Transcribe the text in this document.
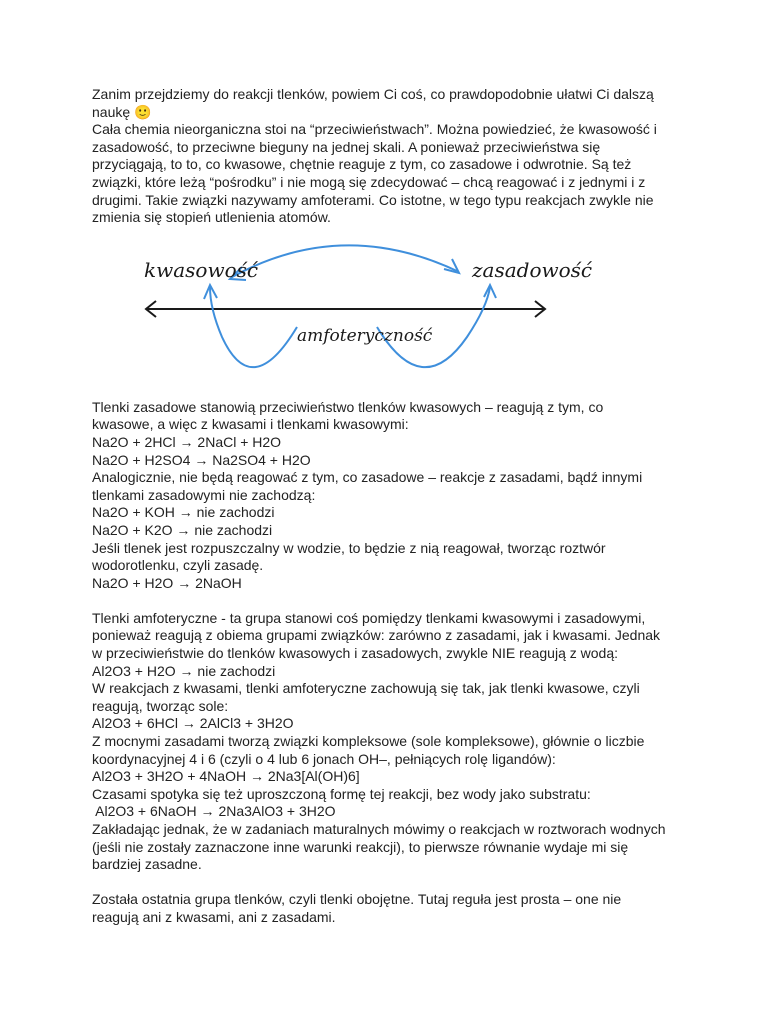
Zanim przejdziemy do reakcji tlenków, powiem Ci coś, co prawdopodobnie ułatwi Ci dalszą
naukę 🙂
Cała chemia nieorganiczna stoi na “przeciwieństwach”. Można powiedzieć, że kwasowość i
zasadowość, to przeciwne bieguny na jednej skali. A ponieważ przeciwieństwa się
przyciągają, to to, co kwasowe, chętnie reaguje z tym, co zasadowe i odwrotnie. Są też
związki, które leżą “pośrodku” i nie mogą się zdecydować – chcą reagować i z jednymi i z
drugimi. Takie związki nazywamy amfoterami. Co istotne, w tego typu reakcjach zwykle nie
zmienia się stopień utlenienia atomów.
kwasowość	zasadowość
amfoteryczność
Tlenki zasadowe stanowią przeciwieństwo tlenków kwasowych – reagują z tym, co
kwasowe, a więc z kwasami i tlenkami kwasowymi:
Na2O + 2HCl → 2NaCl + H2O
Na2O + H2SO4 → Na2SO4 + H2O
Analogicznie, nie będą reagować z tym, co zasadowe – reakcje z zasadami, bądź innymi
tlenkami zasadowymi nie zachodzą:
Na2O + KOH → nie zachodzi
Na2O + K2O → nie zachodzi
Jeśli tlenek jest rozpuszczalny w wodzie, to będzie z nią reagował, tworząc roztwór
wodorotlenku, czyli zasadę.
Na2O + H2O → 2NaOH
Tlenki amfoteryczne - ta grupa stanowi coś pomiędzy tlenkami kwasowymi i zasadowymi,
ponieważ reagują z obiema grupami związków: zarówno z zasadami, jak i kwasami. Jednak
w przeciwieństwie do tlenków kwasowych i zasadowych, zwykle NIE reagują z wodą:
Al2O3 + H2O → nie zachodzi
W reakcjach z kwasami, tlenki amfoteryczne zachowują się tak, jak tlenki kwasowe, czyli
reagują, tworząc sole:
Al2O3 + 6HCl → 2AlCl3 + 3H2O
Z mocnymi zasadami tworzą związki kompleksowe (sole kompleksowe), głównie o liczbie
koordynacyjnej 4 i 6 (czyli o 4 lub 6 jonach OH–, pełniących rolę ligandów):
Al2O3 + 3H2O + 4NaOH → 2Na3[Al(OH)6]
Czasami spotyka się też uproszczoną formę tej reakcji, bez wody jako substratu:
Al2O3 + 6NaOH → 2Na3AlO3 + 3H2O
Zakładając jednak, że w zadaniach maturalnych mówimy o reakcjach w roztworach wodnych
(jeśli nie zostały zaznaczone inne warunki reakcji), to pierwsze równanie wydaje mi się
bardziej zasadne.
Została ostatnia grupa tlenków, czyli tlenki obojętne. Tutaj reguła jest prosta – one nie
reagują ani z kwasami, ani z zasadami.
